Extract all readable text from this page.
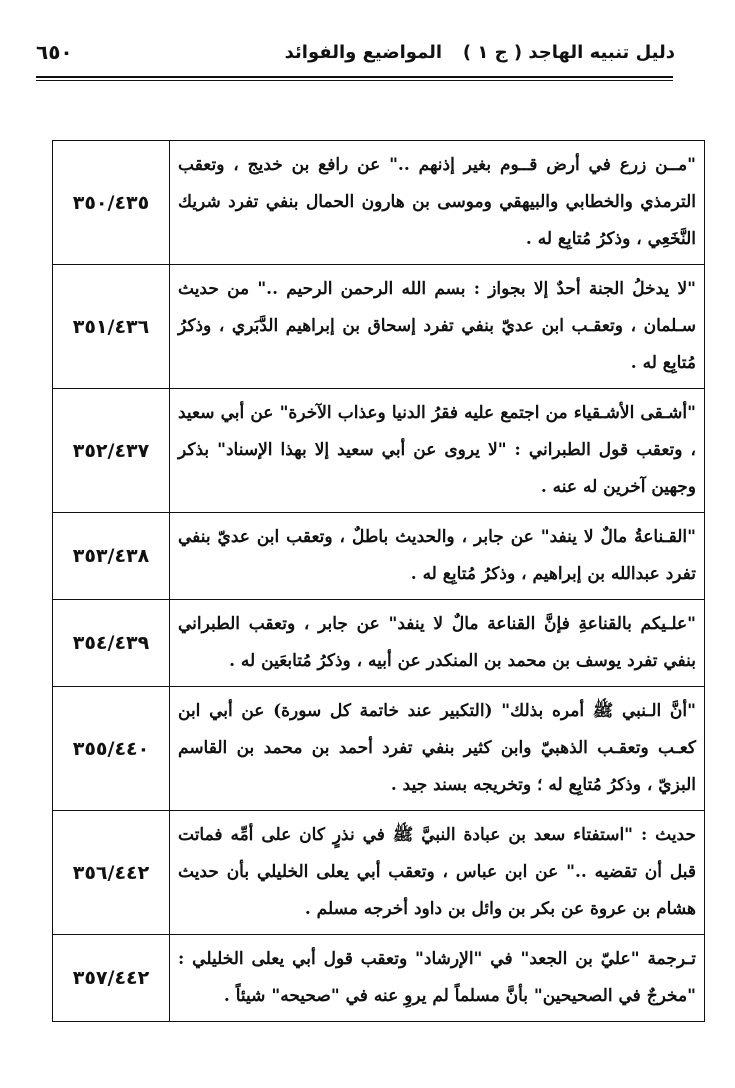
دليل تنبيه الهاجد ( ج ١ )
المواضيع والفوائد
٦٥٠
"مــن زرع في أرض قــوم بغير إذنهم .." عن رافع بن خديج ، وتعقب الترمذي والخطابي والبيهقي وموسى بن هارون الحمال بنفي تفرد شريك النَّخَعِي ، وذكرُ مُتابِع له .	٣٥٠/٤٣٥
"لا يدخلُ الجنة أحدٌ إلا بجواز : بسم الله الرحمن الرحيم .." من حديث سـلمان ، وتعقـب ابن عديّ بنفي تفرد إسحاق بن إبراهيم الدَّبَري ، وذكرُ مُتابِع له .	٣٥١/٤٣٦
"أشـقى الأشـقياء من اجتمع عليه فقرُ الدنيا وعذاب الآخرة" عن أبي سعيد ، وتعقب قول الطبراني : "لا يروى عن أبي سعيد إلا بهذا الإسناد" بذكر وجهين آخرين له عنه .	٣٥٢/٤٣٧
"القـناعةُ مالٌ لا ينفد" عن جابر ، والحديث باطلٌ ، وتعقب ابن عديّ بنفي تفرد عبدالله بن إبراهيم ، وذكرُ مُتابِع له .	٣٥٣/٤٣٨
"علـيكم بالقناعةِ فإنَّ القناعة مالٌ لا ينفد" عن جابر ، وتعقب الطبراني بنفي تفرد يوسف بن محمد بن المنكدر عن أبيه ، وذكرُ مُتابعَين له .	٣٥٤/٤٣٩
"أنَّ الـنبي ﷺ أمره بذلك" (التكبير عند خاتمة كل سورة) عن أبي ابن كعـب وتعقـب الذهبيّ وابن كثير بنفي تفرد أحمد بن محمد بن القاسم البزيّ ، وذكرُ مُتابِع له ؛ وتخريجه بسند جيد .	٣٥٥/٤٤٠
حديث : "استفتاء سعد بن عبادة النبيَّ ﷺ في نذرٍ كان على أمِّه فماتت قبل أن تقضيه .." عن ابن عباس ، وتعقب أبي يعلى الخليلي بأن حديث هشام بن عروة عن بكر بن وائل بن داود أخرجه مسلم .	٣٥٦/٤٤٢
تـرجمة "عليّ بن الجعد" في "الإرشاد" وتعقب قول أبي يعلى الخليلي : "مخرجٌ في الصحيحين" بأنَّ مسلماً لم يروِ عنه في "صحيحه" شيئاً .	٣٥٧/٤٤٢
